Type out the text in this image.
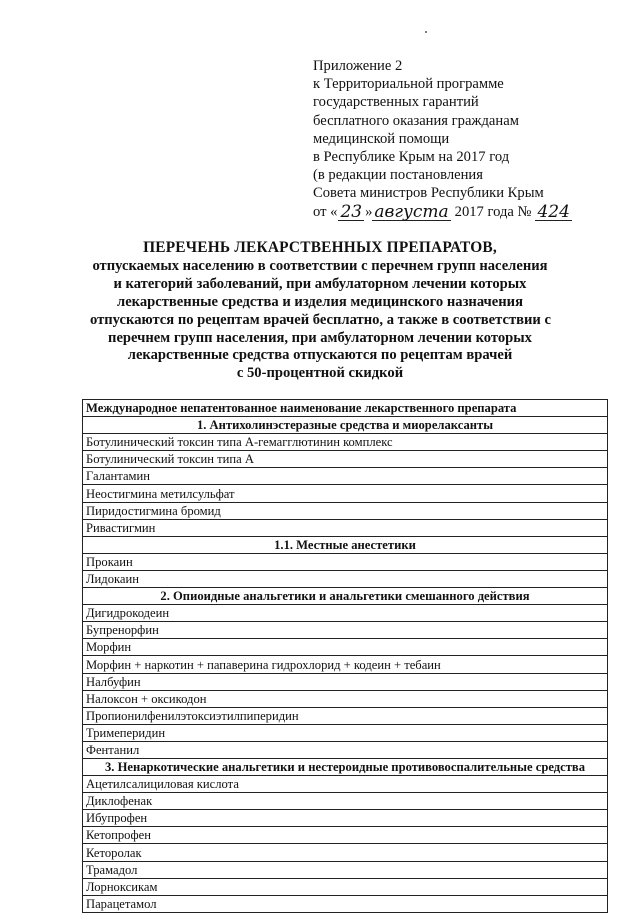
Приложение 2
к Территориальной программе
государственных гарантий
бесплатного оказания гражданам
медицинской помощи
в Республике Крым на 2017 год
(в редакции постановления
Совета министров Республики Крым
от « 23 » августа 2017 года № 424
ПЕРЕЧЕНЬ ЛЕКАРСТВЕННЫХ ПРЕПАРАТОВ,
отпускаемых населению в соответствии с перечнем групп населения
и категорий заболеваний, при амбулаторном лечении которых
лекарственные средства и изделия медицинского назначения
отпускаются по рецептам врачей бесплатно, а также в соответствии с
перечнем групп населения, при амбулаторном лечении которых
лекарственные средства отпускаются по рецептам врачей
с 50-процентной скидкой
Международное непатентованное наименование лекарственного препарата
1. Антихолинэстеразные средства и миорелаксанты
Ботулинический токсин типа А-гемагглютинин комплекс
Ботулинический токсин типа А
Галантамин
Неостигмина метилсульфат
Пиридостигмина бромид
Ривастигмин
1.1. Местные анестетики
Прокаин
Лидокаин
2. Опиоидные анальгетики и анальгетики смешанного действия
Дигидрокодеин
Бупренорфин
Морфин
Морфин + наркотин + папаверина гидрохлорид + кодеин + тебаин
Налбуфин
Налоксон + оксикодон
Пропионилфенилэтоксиэтилпиперидин
Тримеперидин
Фентанил
3. Ненаркотические анальгетики и нестероидные противовоспалительные средства
Ацетилсалициловая кислота
Диклофенак
Ибупрофен
Кетопрофен
Кеторолак
Трамадол
Лорноксикам
Парацетамол
